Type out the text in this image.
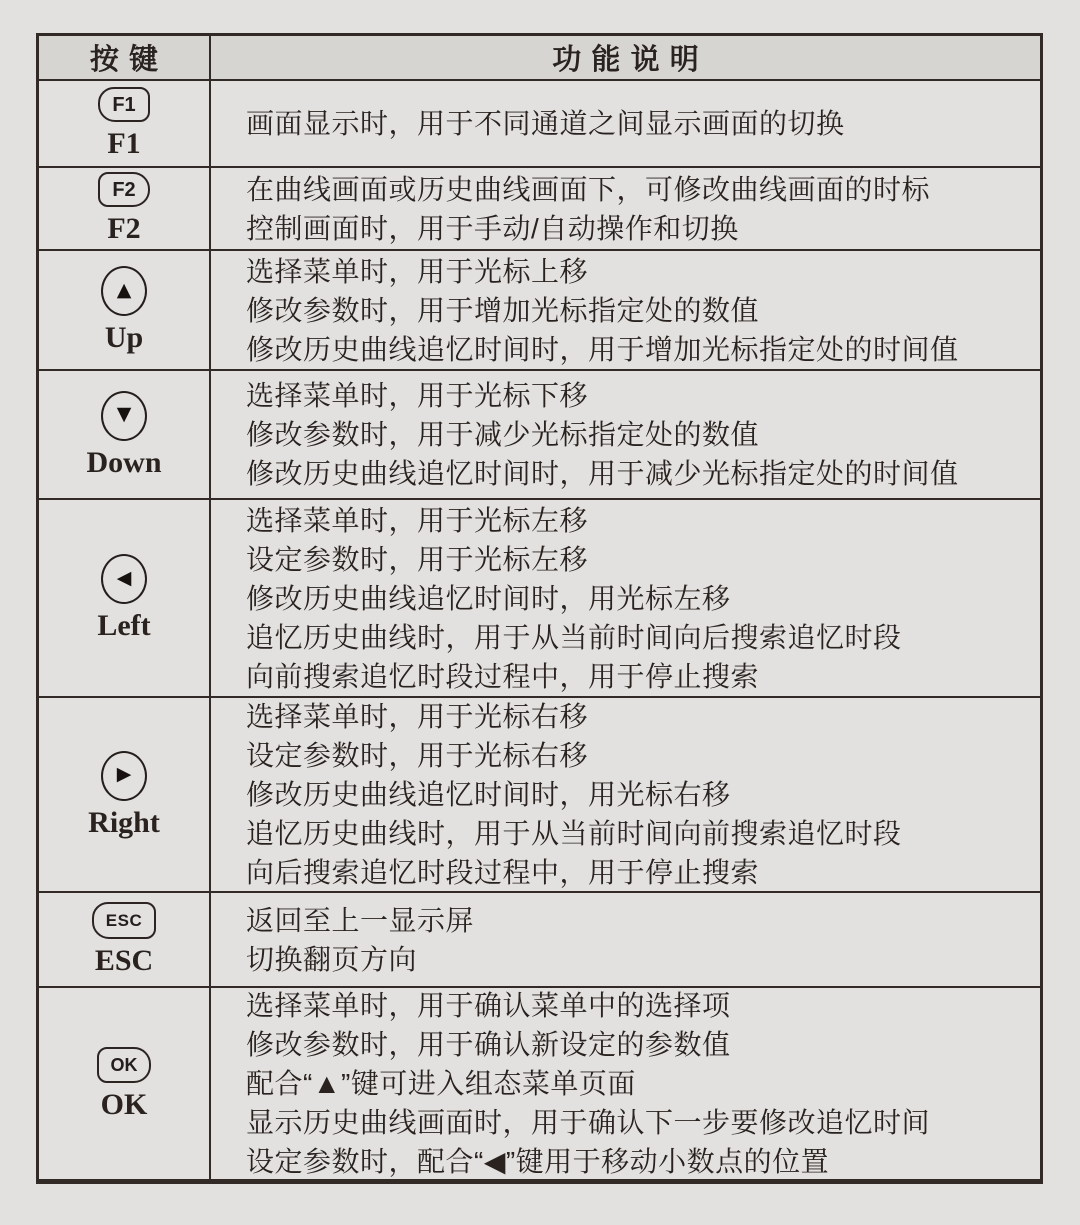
按键	功能说明
F1
F1
画面显示时，用于不同通道之间显示画面的切换
F2
F2
在曲线画面或历史曲线画面下，可修改曲线画面的时标
控制画面时，用于手动/自动操作和切换
▲
Up
选择菜单时，用于光标上移
修改参数时，用于增加光标指定处的数值
修改历史曲线追忆时间时，用于增加光标指定处的时间值
▼
Down
选择菜单时，用于光标下移
修改参数时，用于减少光标指定处的数值
修改历史曲线追忆时间时，用于减少光标指定处的时间值
◀
Left
选择菜单时，用于光标左移
设定参数时，用于光标左移
修改历史曲线追忆时间时，用光标左移
追忆历史曲线时，用于从当前时间向后搜索追忆时段
向前搜索追忆时段过程中，用于停止搜索
▶
Right
选择菜单时，用于光标右移
设定参数时，用于光标右移
修改历史曲线追忆时间时，用光标右移
追忆历史曲线时，用于从当前时间向前搜索追忆时段
向后搜索追忆时段过程中，用于停止搜索
ESC
ESC
返回至上一显示屏
切换翻页方向
OK
OK
选择菜单时，用于确认菜单中的选择项
修改参数时，用于确认新设定的参数值
配合“▲”键可进入组态菜单页面
显示历史曲线画面时，用于确认下一步要修改追忆时间
设定参数时，配合“◀”键用于移动小数点的位置
